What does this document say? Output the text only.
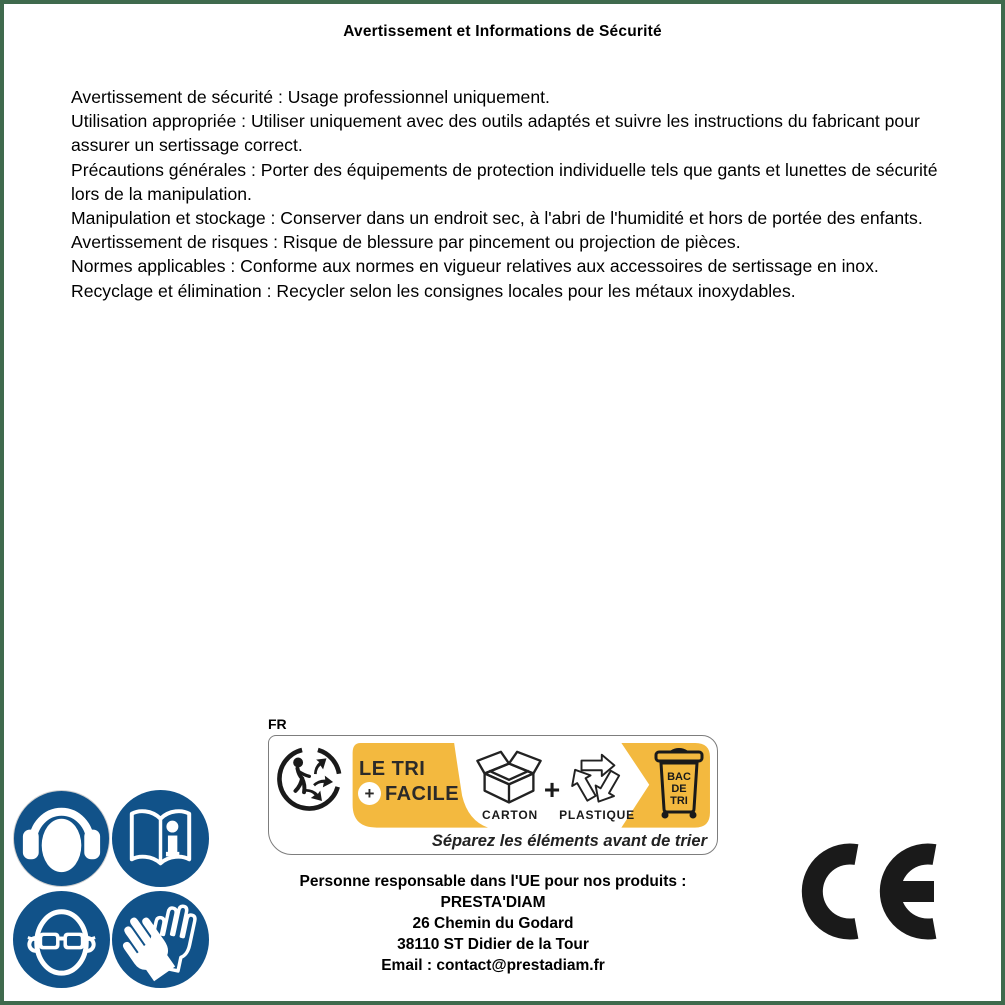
Avertissement et Informations de Sécurité

Avertissement de sécurité : Usage professionnel uniquement.

Utilisation appropriée : Utiliser uniquement avec des outils adaptés et suivre les instructions du fabricant pour assurer un sertissage correct.

Précautions générales : Porter des équipements de protection individuelle tels que gants et lunettes de sécurité lors de la manipulation.

Manipulation et stockage : Conserver dans un endroit sec, à l'abri de l'humidité et hors de portée des enfants.

Avertissement de risques : Risque de blessure par pincement ou projection de pièces.

Normes applicables : Conforme aux normes en vigueur relatives aux accessoires de sertissage en inox.

Recyclage et élimination : Recycler selon les consignes locales pour les métaux inoxydables.

FR
LE TRI
+ FACILE
CARTON
+
PLASTIQUE
BAC
DE
TRI
Séparez les éléments avant de trier

Personne responsable dans l'UE pour nos produits :

PRESTA'DIAM

26 Chemin du Godard

38110 ST Didier de la Tour

Email : contact@prestadiam.fr
